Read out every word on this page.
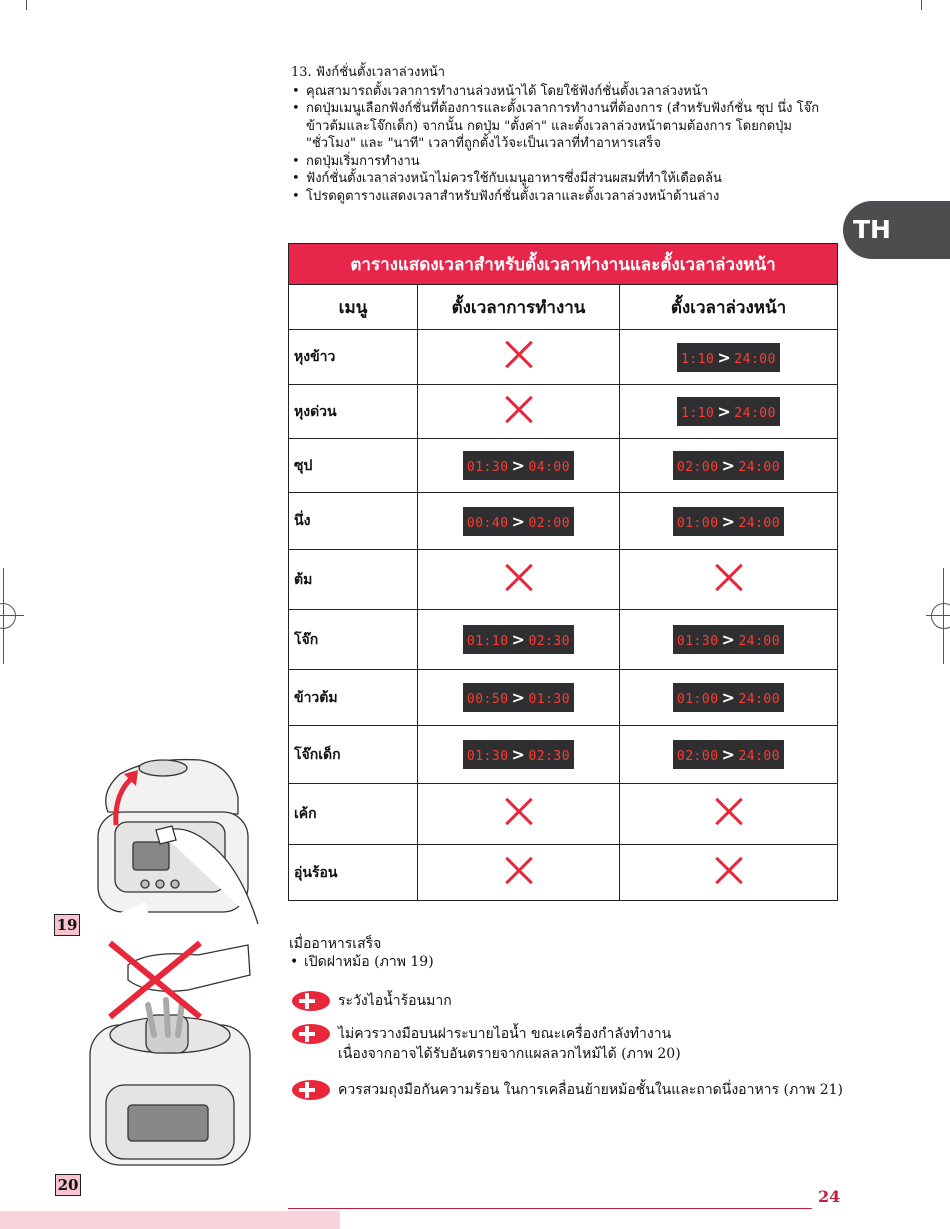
13. ฟังก์ชั่นตั้งเวลาล่วงหน้า
• คุณสามารถตั้งเวลาการทำงานล่วงหน้าได้ โดยใช้ฟังก์ชั่นตั้งเวลาล่วงหน้า
• กดปุ่มเมนูเลือกฟังก์ชั่นที่ต้องการและตั้งเวลาการทำงานที่ต้องการ (สำหรับฟังก์ชั่น ซุป นึ่ง โจ๊ก ข้าวต้มและโจ๊กเด็ก) จากนั้น กดปุ่ม "ตั้งค่า" และตั้งเวลาล่วงหน้าตามต้องการ โดยกดปุ่ม "ชั่วโมง" และ "นาที" เวลาที่ถูกตั้งไว้จะเป็นเวลาที่ทำอาหารเสร็จ
• กดปุ่มเริ่มการทำงาน
• ฟังก์ชั่นตั้งเวลาล่วงหน้าไม่ควรใช้กับเมนูอาหารซึ่งมีส่วนผสมที่ทำให้เดือดล้น
• โปรดดูตารางแสดงเวลาสำหรับฟังก์ชั่นตั้งเวลาและตั้งเวลาล่วงหน้าด้านล่าง
TH
ตารางแสดงเวลาสำหรับตั้งเวลาทำงานและตั้งเวลาล่วงหน้า		
เมนู	ตั้งเวลาการทำงาน	ตั้งเวลาล่วงหน้า
หุงข้าว		1:10 > 24:00
หุงด่วน		1:10 > 24:00
ซุป	01:30 > 04:00	02:00 > 24:00
นึ่ง	00:40 > 02:00	01:00 > 24:00
ต้ม		
โจ๊ก	01:10 > 02:30	01:30 > 24:00
ข้าวต้ม	00:50 > 01:30	01:00 > 24:00
โจ๊กเด็ก	01:30 > 02:30	02:00 > 24:00
เค้ก		
อุ่นร้อน		
19
20
เมื่ออาหารเสร็จ
• เปิดฝาหม้อ (ภาพ 19)
ระวังไอน้ำร้อนมาก
ไม่ควรวางมือบนฝาระบายไอน้ำ ขณะเครื่องกำลังทำงาน
เนื่องจากอาจได้รับอันตรายจากแผลลวกไหม้ได้ (ภาพ 20)
ควรสวมถุงมือกันความร้อน ในการเคลื่อนย้ายหม้อชั้นในและถาดนึ่งอาหาร (ภาพ 21)
24
